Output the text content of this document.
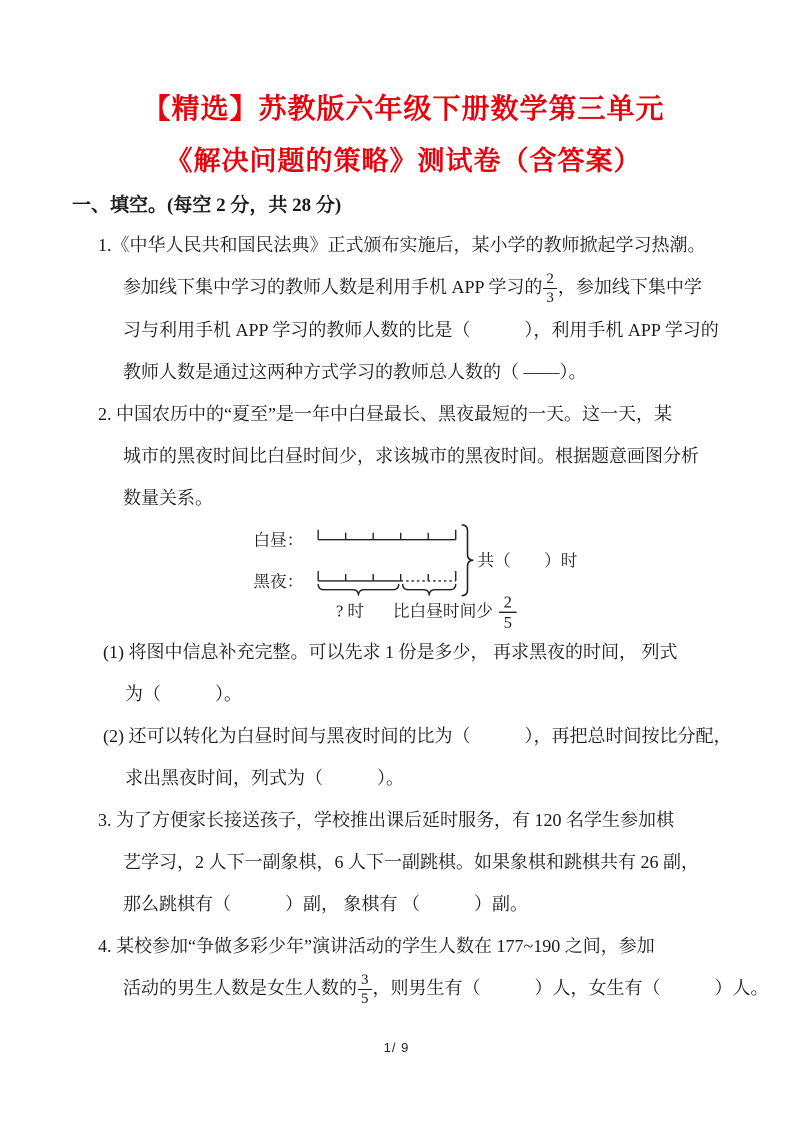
【精选】苏教版六年级下册数学第三单元
《解决问题的策略》测试卷（含答案）
一、填空。(每空 2 分，共 28 分)
1.《中华人民共和国民法典》正式颁布实施后，某小学的教师掀起学习热潮。
参加线下集中学习的教师人数是利用手机 APP 学习的 $\frac{2}{3}$ ，参加线下集中学
习与利用手机 APP 学习的教师人数的比是（　　　），利用手机 APP 学习的
教师人数是通过这两种方式学习的教师总人数的（ ——）。
2. 中国农历中的“夏至”是一年中白昼最长、黑夜最短的一天。这一天，某
城市的黑夜时间比白昼时间少，求该城市的黑夜时间。根据题意画图分析
数量关系。
白昼：
黑夜：
共（　　）时
? 时 比白昼时间少 2
5
(1) 将图中信息补充完整。可以先求 1 份是多少， 再求黑夜的时间， 列式
为（　　　）。
(2) 还可以转化为白昼时间与黑夜时间的比为（　　　），再把总时间按比分配，
求出黑夜时间，列式为（　　　）。
3. 为了方便家长接送孩子，学校推出课后延时服务，有 120 名学生参加棋
艺学习，2 人下一副象棋，6 人下一副跳棋。如果象棋和跳棋共有 26 副，
那么跳棋有（　　　）副， 象棋有 （　　　）副。
4. 某校参加“争做多彩少年”演讲活动的学生人数在 177~190 之间，参加
活动的男生人数是女生人数的 $\frac{3}{5}$ ，则男生有（　　　）人，女生有（　　　）人。
1/ 9
